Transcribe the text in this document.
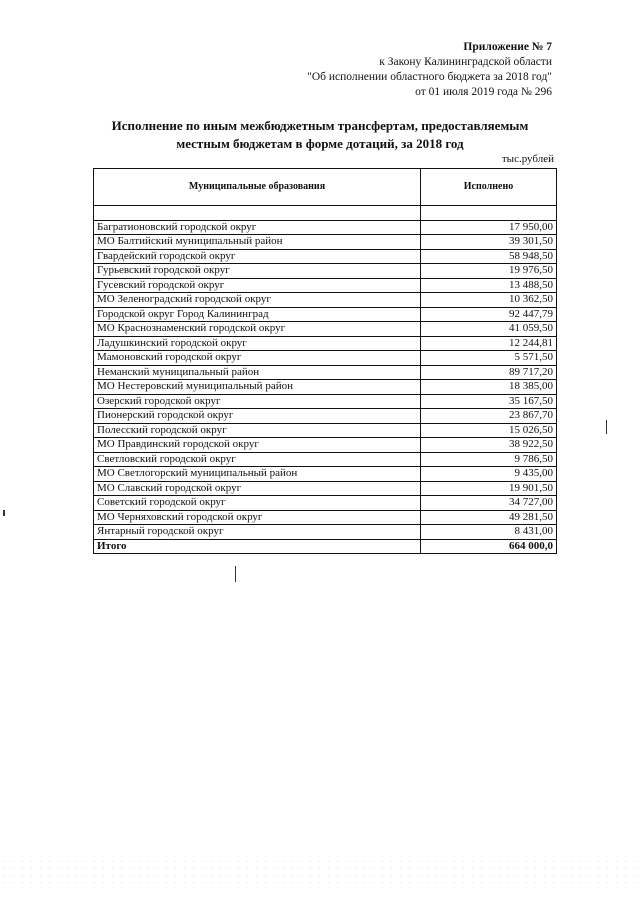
Приложение № 7
к Закону Калининградской области
"Об исполнении областного бюджета за 2018 год"
от 01 июля 2019 года № 296
Исполнение по иным межбюджетным трансфертам, предоставляемым
местным бюджетам в форме дотаций, за 2018 год
тыс.рублей
Муниципальные образования	Исполнено

Багратионовский городской округ	17 950,00
МО Балтийский муниципальный район	39 301,50
Гвардейский городской округ	58 948,50
Гурьевский городской округ	19 976,50
Гусевский городской округ	13 488,50
МО Зеленоградский городской округ	10 362,50
Городской округ Город Калининград	92 447,79
МО Краснознаменский городской округ	41 059,50
Ладушкинский городской округ	12 244,81
Мамоновский городской округ	5 571,50
Неманский муниципальный район	89 717,20
МО Нестеровский муниципальный район	18 385,00
Озерский городской округ	35 167,50
Пионерский городской округ	23 867,70
Полесский городской округ	15 026,50
МО Правдинский городской округ	38 922,50
Светловский городской округ	9 786,50
МО Светлогорский муниципальный район	9 435,00
МО Славский городской округ	19 901,50
Советский городской округ	34 727,00
МО Черняховский городской округ	49 281,50
Янтарный городской округ	8 431,00
Итого	664 000,0
